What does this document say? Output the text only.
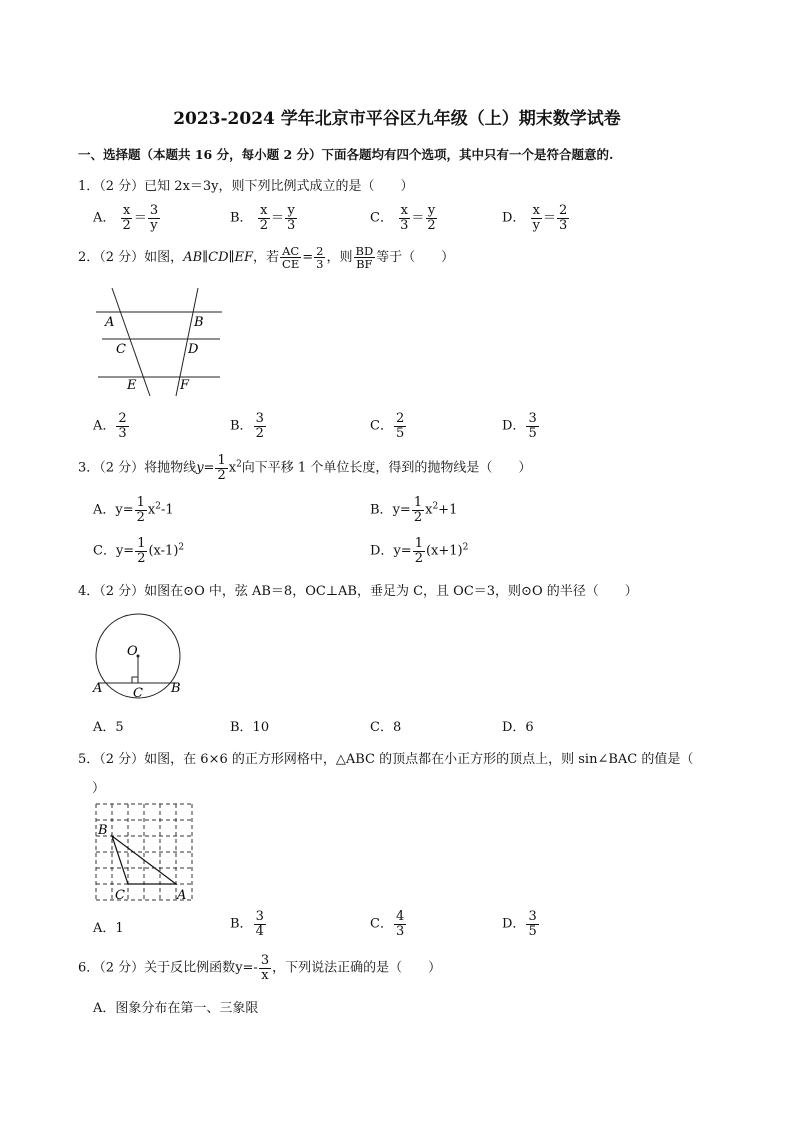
2023-2024 学年北京市平谷区九年级（上）期末数学试卷
一、选择题（本题共 16 分，每小题 2 分）下面各题均有四个选项，其中只有一个是符合题意的.
1．（2 分）已知 2x＝3y，则下列比例式成立的是（　　）
A． $\frac{x}{2} = \frac{3}{y}$	B． $\frac{x}{2} = \frac{y}{3}$	C． $\frac{x}{3} = \frac{y}{2}$	D． $\frac{x}{y} = \frac{2}{3}$
2．（2 分）如图，AB∥CD∥EF，若 $\frac{AC}{CE} = \frac{2}{3}$ ，则 $\frac{BD}{BF}$ 等于（　　）
A	B
C	D
E	F
A． $\frac{2}{3}$	B． $\frac{3}{2}$	C． $\frac{2}{5}$	D． $\frac{3}{5}$
3．（2 分）将抛物线$y= \frac{1}{2} x^2$向下平移 1 个单位长度，得到的抛物线是（　　）
A．$y= \frac{1}{2} x^2-1$	B．$y= \frac{1}{2} x^2+1$
C．$y= \frac{1}{2} (x-1)^2$	D．$y= \frac{1}{2} (x+1)^2$
4．（2 分）如图在⊙O 中，弦 AB＝8，OC⊥AB，垂足为 C，且 OC＝3，则⊙O 的半径（　　）
O
A C B
A．5	B．10	C．8	D．6
5．（2 分）如图，在 6×6 的正方形网格中，△ABC 的顶点都在小正方形的顶点上，则 sin∠BAC 的值是（
）
B
C	A
A．1	B． $\frac{3}{4}$	C． $\frac{4}{3}$	D． $\frac{3}{5}$
6．（2 分）关于反比例函数$y=- \frac{3}{x}$ ，下列说法正确的是（　　）
A．图象分布在第一、三象限
